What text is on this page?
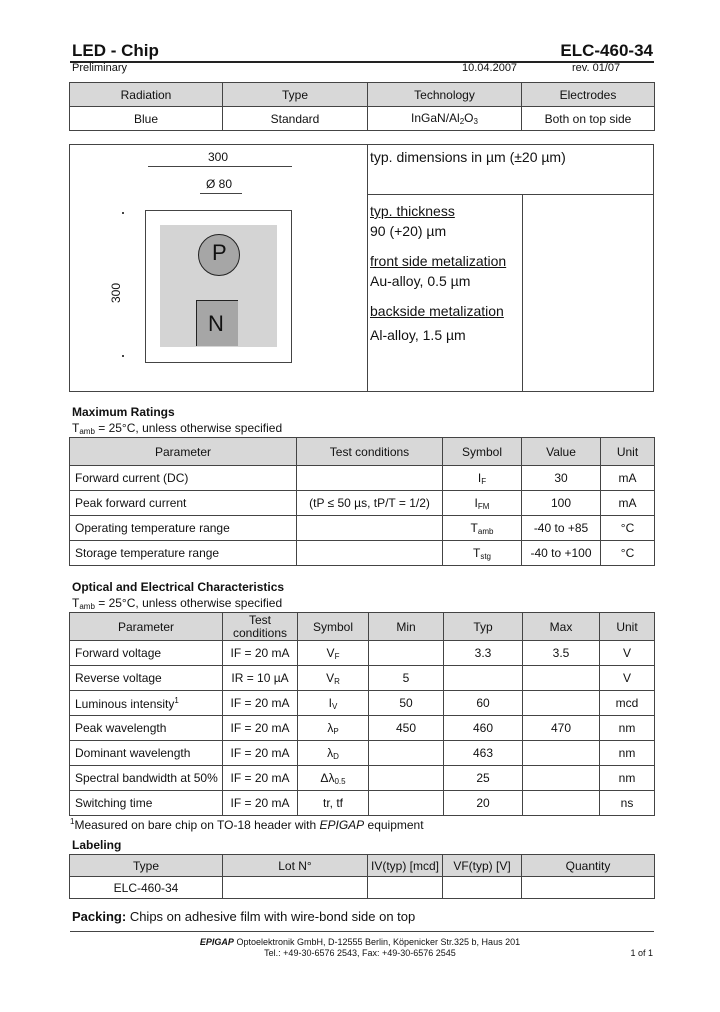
LED - Chip	ELC-460-34
Preliminary	10.04.2007	rev. 01/07
Radiation	Type	Technology	Electrodes
Blue	Standard	InGaN/$Al_2O_3$	Both on top side
300
Ø 80
300
P
N
typ. dimensions in µm (±20 µm)
typ. thickness
90 (+20) µm
front side metalization
Au-alloy, 0.5 µm
backside metalization
Al-alloy, 1.5 µm
Maximum Ratings
$T_{amb} = 25^\circ C$, unless otherwise specified
Parameter	Test conditions	Symbol	Value	Unit
Forward current (DC)		$I_F$	30	mA
Peak forward current	(tP ≤ 50 µs, tP/T = 1/2)	$I_{FM}$	100	mA
Operating temperature range		$T_{amb}$	-40 to +85	°C
Storage temperature range		$T_{stg}$	-40 to +100	°C
Optical and Electrical Characteristics
$T_{amb} = 25^\circ C$, unless otherwise specified
Parameter	Test conditions	Symbol	Min	Typ	Max	Unit
Forward voltage	IF = 20 mA	$V_F$		3.3	3.5	V
Reverse voltage	IR = 10 µA	$V_R$	5			V
Luminous intensity$^1$	IF = 20 mA	$I_V$	50	60		mcd
Peak wavelength	IF = 20 mA	$\lambda_P$	450	460	470	nm
Dominant wavelength	IF = 20 mA	$\lambda_D$		463		nm
Spectral bandwidth at 50%	IF = 20 mA	$\Delta\lambda_{0.5}$		25		nm
Switching time	IF = 20 mA	tr, tf		20		ns
$^1$Measured on bare chip on TO-18 header with EPIGAP equipment
Labeling
Type	Lot N°	IV(typ) [mcd]	VF(typ) [V]	Quantity
ELC-460-34				
Packing: Chips on adhesive film with wire-bond side on top
EPIGAP Optoelektronik GmbH, D-12555 Berlin, Köpenicker Str.325 b, Haus 201
Tel.: +49-30-6576 2543, Fax: +49-30-6576 2545	1 of 1
